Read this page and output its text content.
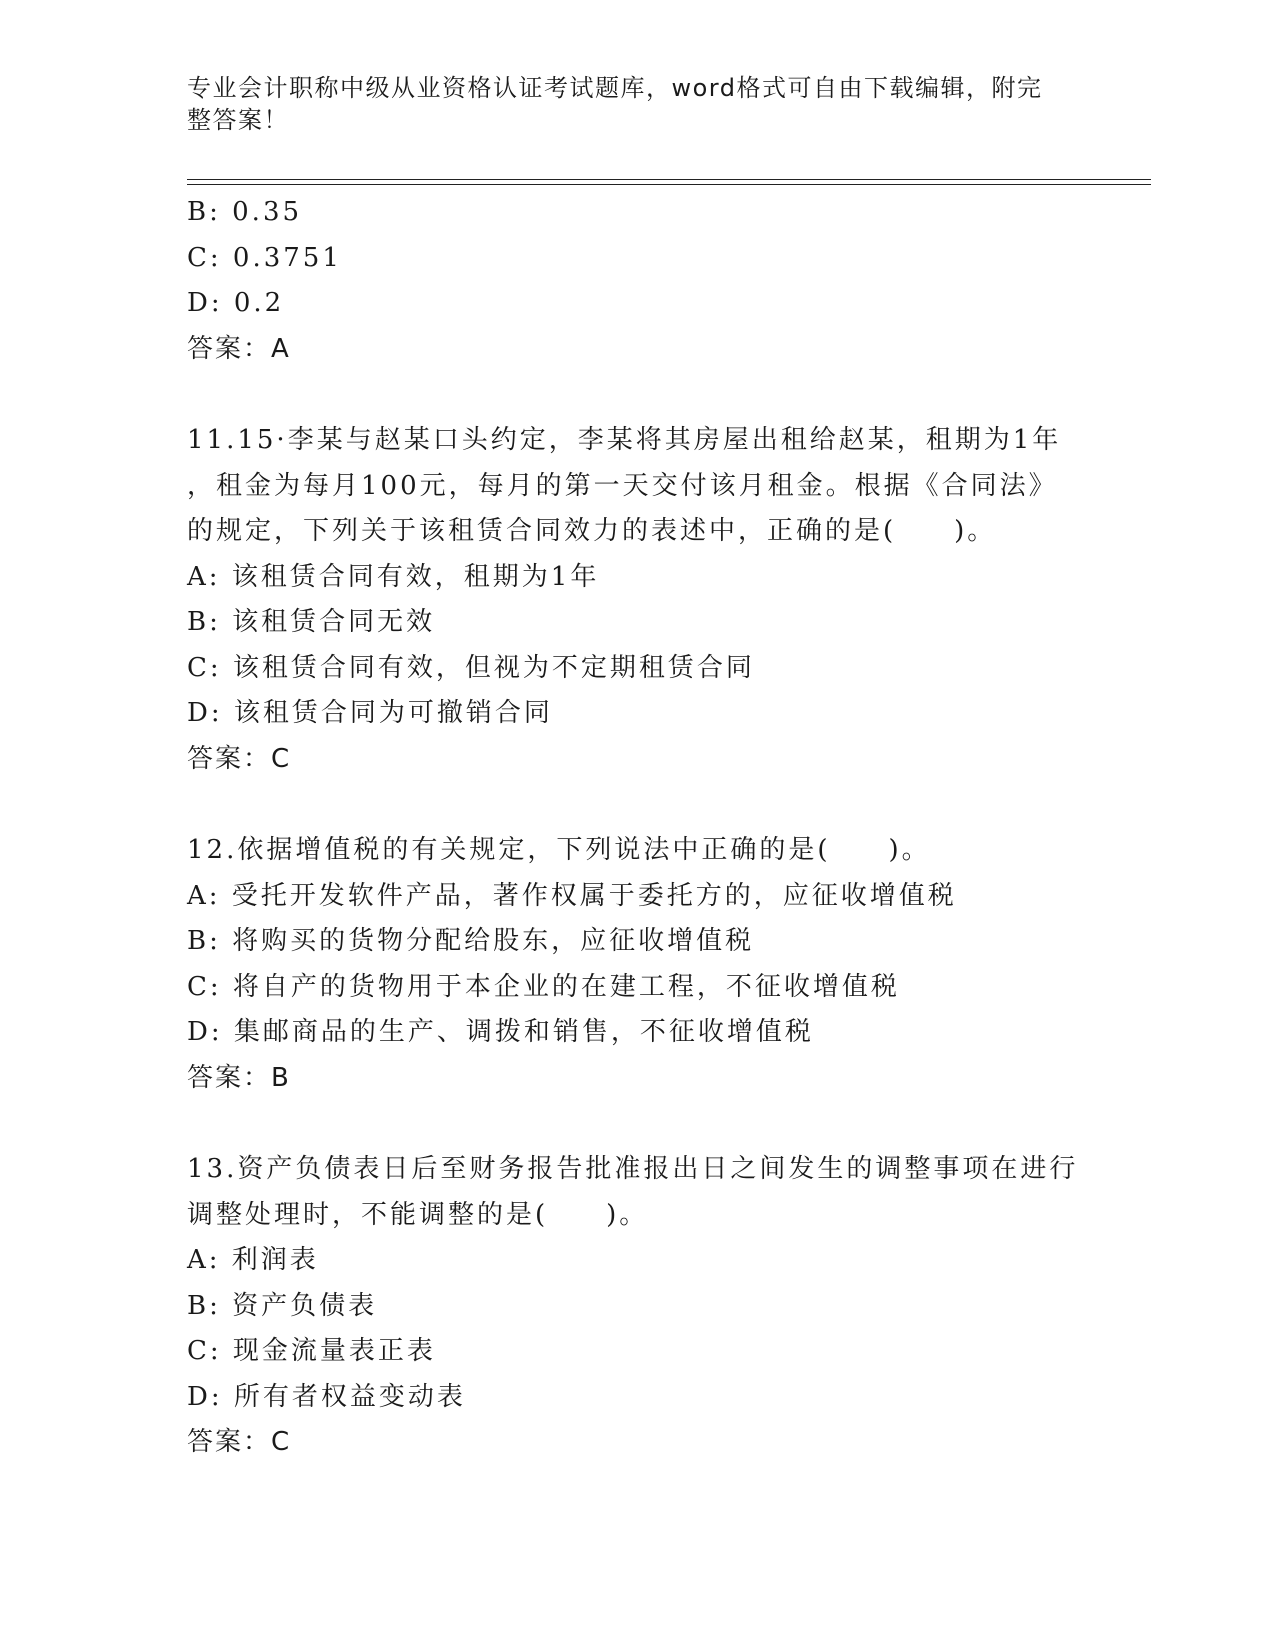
专业会计职称中级从业资格认证考试题库，word格式可自由下载编辑，附完整答案！
B: 0.35
C: 0.3751
D: 0.2
答案：A
11.15·李某与赵某口头约定，李某将其房屋出租给赵某，租期为1年
，租金为每月100元，每月的第一天交付该月租金。根据《合同法》
的规定，下列关于该租赁合同效力的表述中，正确的是(　　)。
A: 该租赁合同有效，租期为1年
B: 该租赁合同无效
C: 该租赁合同有效，但视为不定期租赁合同
D: 该租赁合同为可撤销合同
答案：C
12.依据增值税的有关规定，下列说法中正确的是(　　)。
A: 受托开发软件产品，著作权属于委托方的，应征收增值税
B: 将购买的货物分配给股东，应征收增值税
C: 将自产的货物用于本企业的在建工程，不征收增值税
D: 集邮商品的生产、调拨和销售，不征收增值税
答案：B
13.资产负债表日后至财务报告批准报出日之间发生的调整事项在进行
调整处理时，不能调整的是(　　)。
A: 利润表
B: 资产负债表
C: 现金流量表正表
D: 所有者权益变动表
答案：C
